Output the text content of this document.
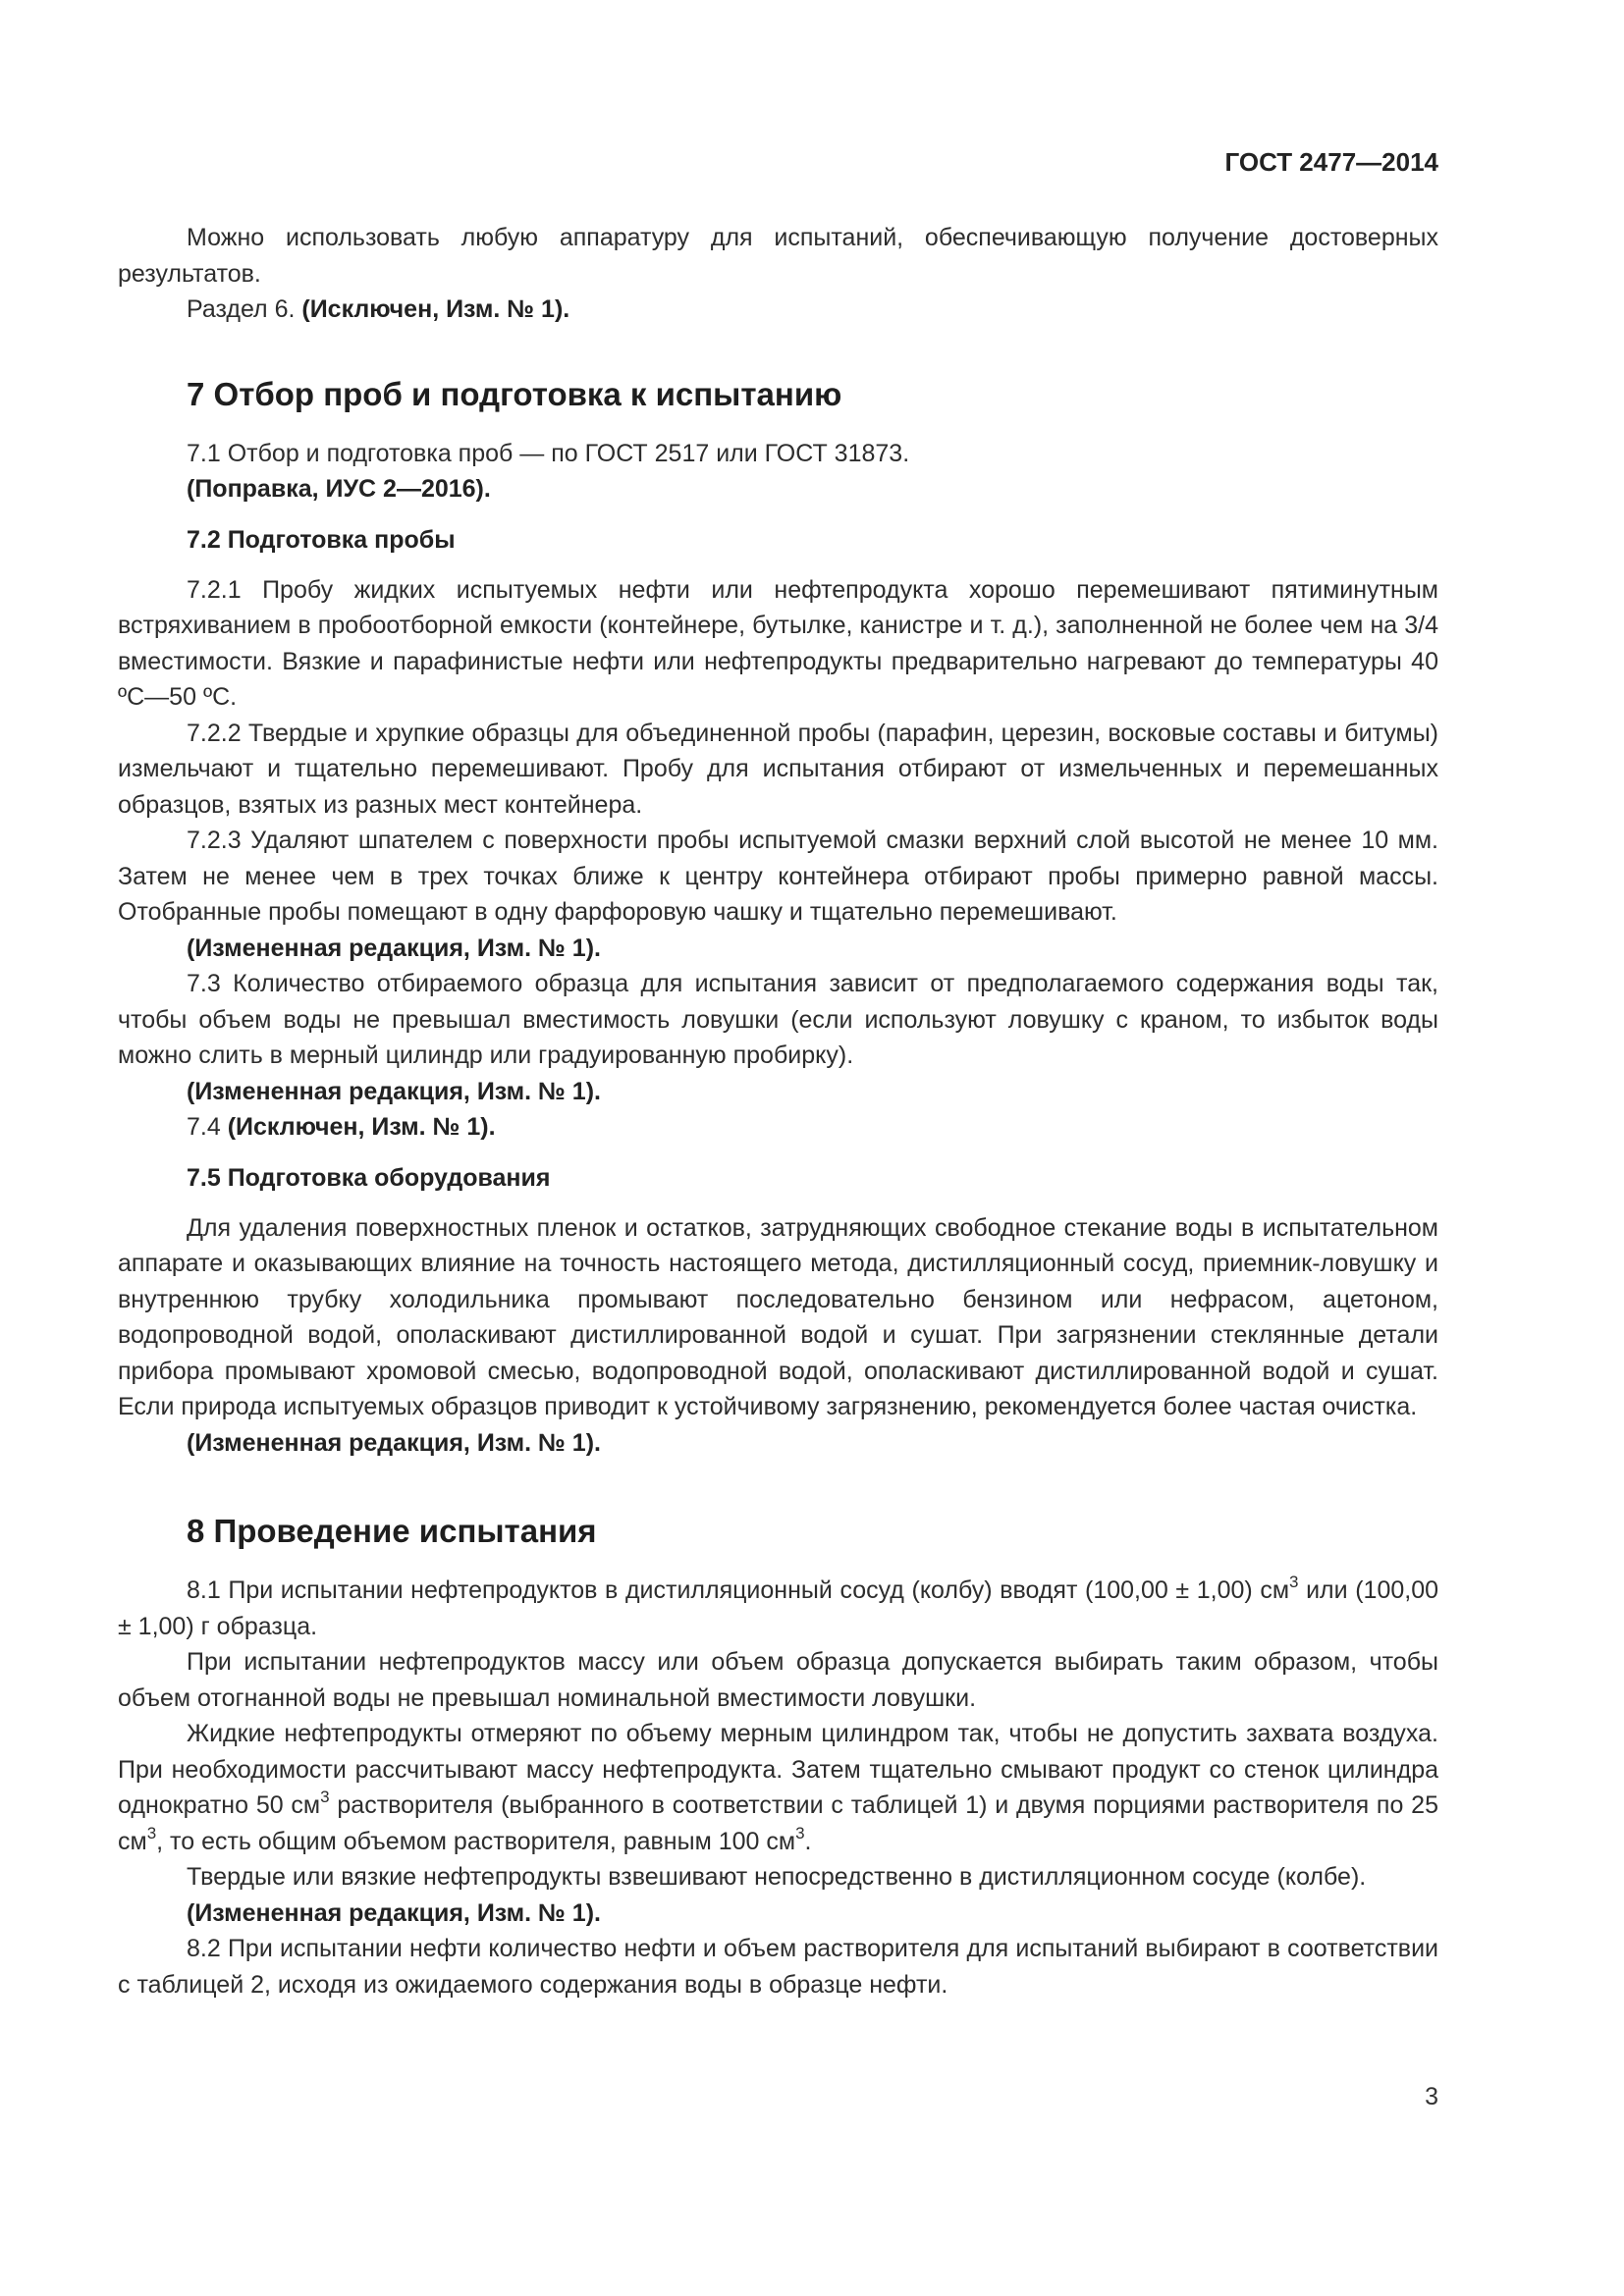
ГОСТ 2477—2014

Можно использовать любую аппаратуру для испытаний, обеспечивающую получение достоверных результатов.

Раздел 6. (Исключен, Изм. № 1).

7 Отбор проб и подготовка к испытанию

7.1 Отбор и подготовка проб — по ГОСТ 2517 или ГОСТ 31873.

(Поправка, ИУС 2—2016).

7.2 Подготовка пробы

7.2.1 Пробу жидких испытуемых нефти или нефтепродукта хорошо перемешивают пятиминутным встряхиванием в пробоотборной емкости (контейнере, бутылке, канистре и т. д.), заполненной не более чем на 3/4 вместимости. Вязкие и парафинистые нефти или нефтепродукты предварительно нагревают до температуры 40 ºС—50 ºС.

7.2.2 Твердые и хрупкие образцы для объединенной пробы (парафин, церезин, восковые составы и битумы) измельчают и тщательно перемешивают. Пробу для испытания отбирают от измельченных и перемешанных образцов, взятых из разных мест контейнера.

7.2.3 Удаляют шпателем с поверхности пробы испытуемой смазки верхний слой высотой не менее 10 мм. Затем не менее чем в трех точках ближе к центру контейнера отбирают пробы примерно равной массы. Отобранные пробы помещают в одну фарфоровую чашку и тщательно перемешивают.

(Измененная редакция, Изм. № 1).

7.3 Количество отбираемого образца для испытания зависит от предполагаемого содержания воды так, чтобы объем воды не превышал вместимость ловушки (если используют ловушку с краном, то избыток воды можно слить в мерный цилиндр или градуированную пробирку).

(Измененная редакция, Изм. № 1).

7.4 (Исключен, Изм. № 1).

7.5 Подготовка оборудования

Для удаления поверхностных пленок и остатков, затрудняющих свободное стекание воды в испытательном аппарате и оказывающих влияние на точность настоящего метода, дистилляционный сосуд, приемник-ловушку и внутреннюю трубку холодильника промывают последовательно бензином или нефрасом, ацетоном, водопроводной водой, ополаскивают дистиллированной водой и сушат. При загрязнении стеклянные детали прибора промывают хромовой смесью, водопроводной водой, ополаскивают дистиллированной водой и сушат. Если природа испытуемых образцов приводит к устойчивому загрязнению, рекомендуется более частая очистка.

(Измененная редакция, Изм. № 1).

8 Проведение испытания

8.1 При испытании нефтепродуктов в дистилляционный сосуд (колбу) вводят (100,00 ± 1,00) $см^3$ или (100,00 ± 1,00) г образца.

При испытании нефтепродуктов массу или объем образца допускается выбирать таким образом, чтобы объем отогнанной воды не превышал номинальной вместимости ловушки.

Жидкие нефтепродукты отмеряют по объему мерным цилиндром так, чтобы не допустить захвата воздуха. При необходимости рассчитывают массу нефтепродукта. Затем тщательно смывают продукт со стенок цилиндра однократно 50 $см^3$ растворителя (выбранного в соответствии с таблицей 1) и двумя порциями растворителя по 25 $см^3$, то есть общим объемом растворителя, равным 100 $см^3$.

Твердые или вязкие нефтепродукты взвешивают непосредственно в дистилляционном сосуде (колбе).

(Измененная редакция, Изм. № 1).

8.2 При испытании нефти количество нефти и объем растворителя для испытаний выбирают в соответствии с таблицей 2, исходя из ожидаемого содержания воды в образце нефти.

3
